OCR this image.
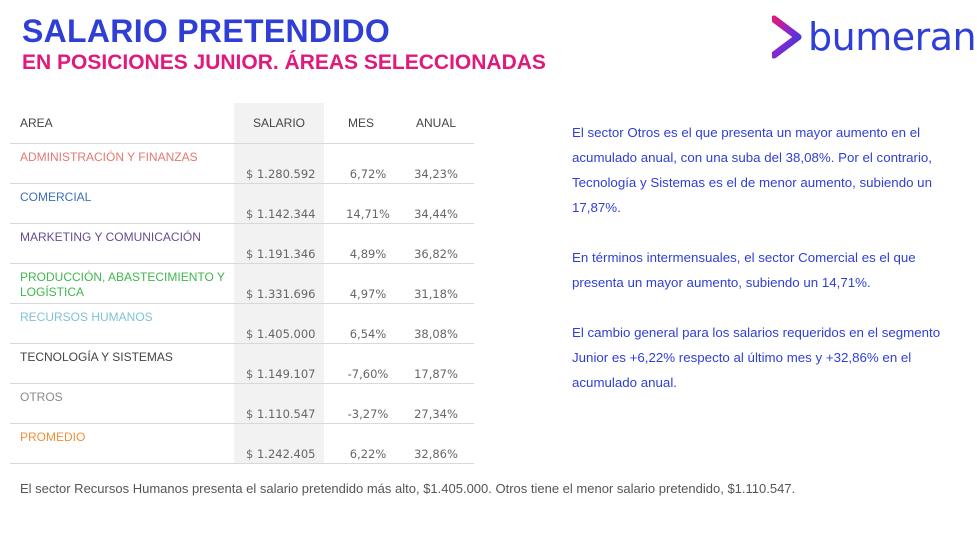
SALARIO PRETENDIDO
EN POSICIONES JUNIOR. ÁREAS SELECCIONADAS
bumeran
AREA	SALARIO	MES	ANUAL
ADMINISTRACIÓN Y FINANZAS	$ 1.280.592	6,72%	34,23%
COMERCIAL	$ 1.142.344	14,71%	34,44%
MARKETING Y COMUNICACIÓN	$ 1.191.346	4,89%	36,82%
PRODUCCIÓN, ABASTECIMIENTO Y LOGÍSTICA	$ 1.331.696	4,97%	31,18%
RECURSOS HUMANOS	$ 1.405.000	6,54%	38,08%
TECNOLOGÍA Y SISTEMAS	$ 1.149.107	-7,60%	17,87%
OTROS	$ 1.110.547	-3,27%	27,34%
PROMEDIO	$ 1.242.405	6,22%	32,86%

El sector Otros es el que presenta un mayor aumento en el acumulado anual, con una suba del 38,08%. Por el contrario, Tecnología y Sistemas es el de menor aumento, subiendo un 17,87%.

En términos intermensuales, el sector Comercial es el que presenta un mayor aumento, subiendo un 14,71%.

El cambio general para los salarios requeridos en el segmento Junior es +6,22% respecto al último mes y +32,86% en el acumulado anual.

El sector Recursos Humanos presenta el salario pretendido más alto, $1.405.000. Otros tiene el menor salario pretendido, $1.110.547.
